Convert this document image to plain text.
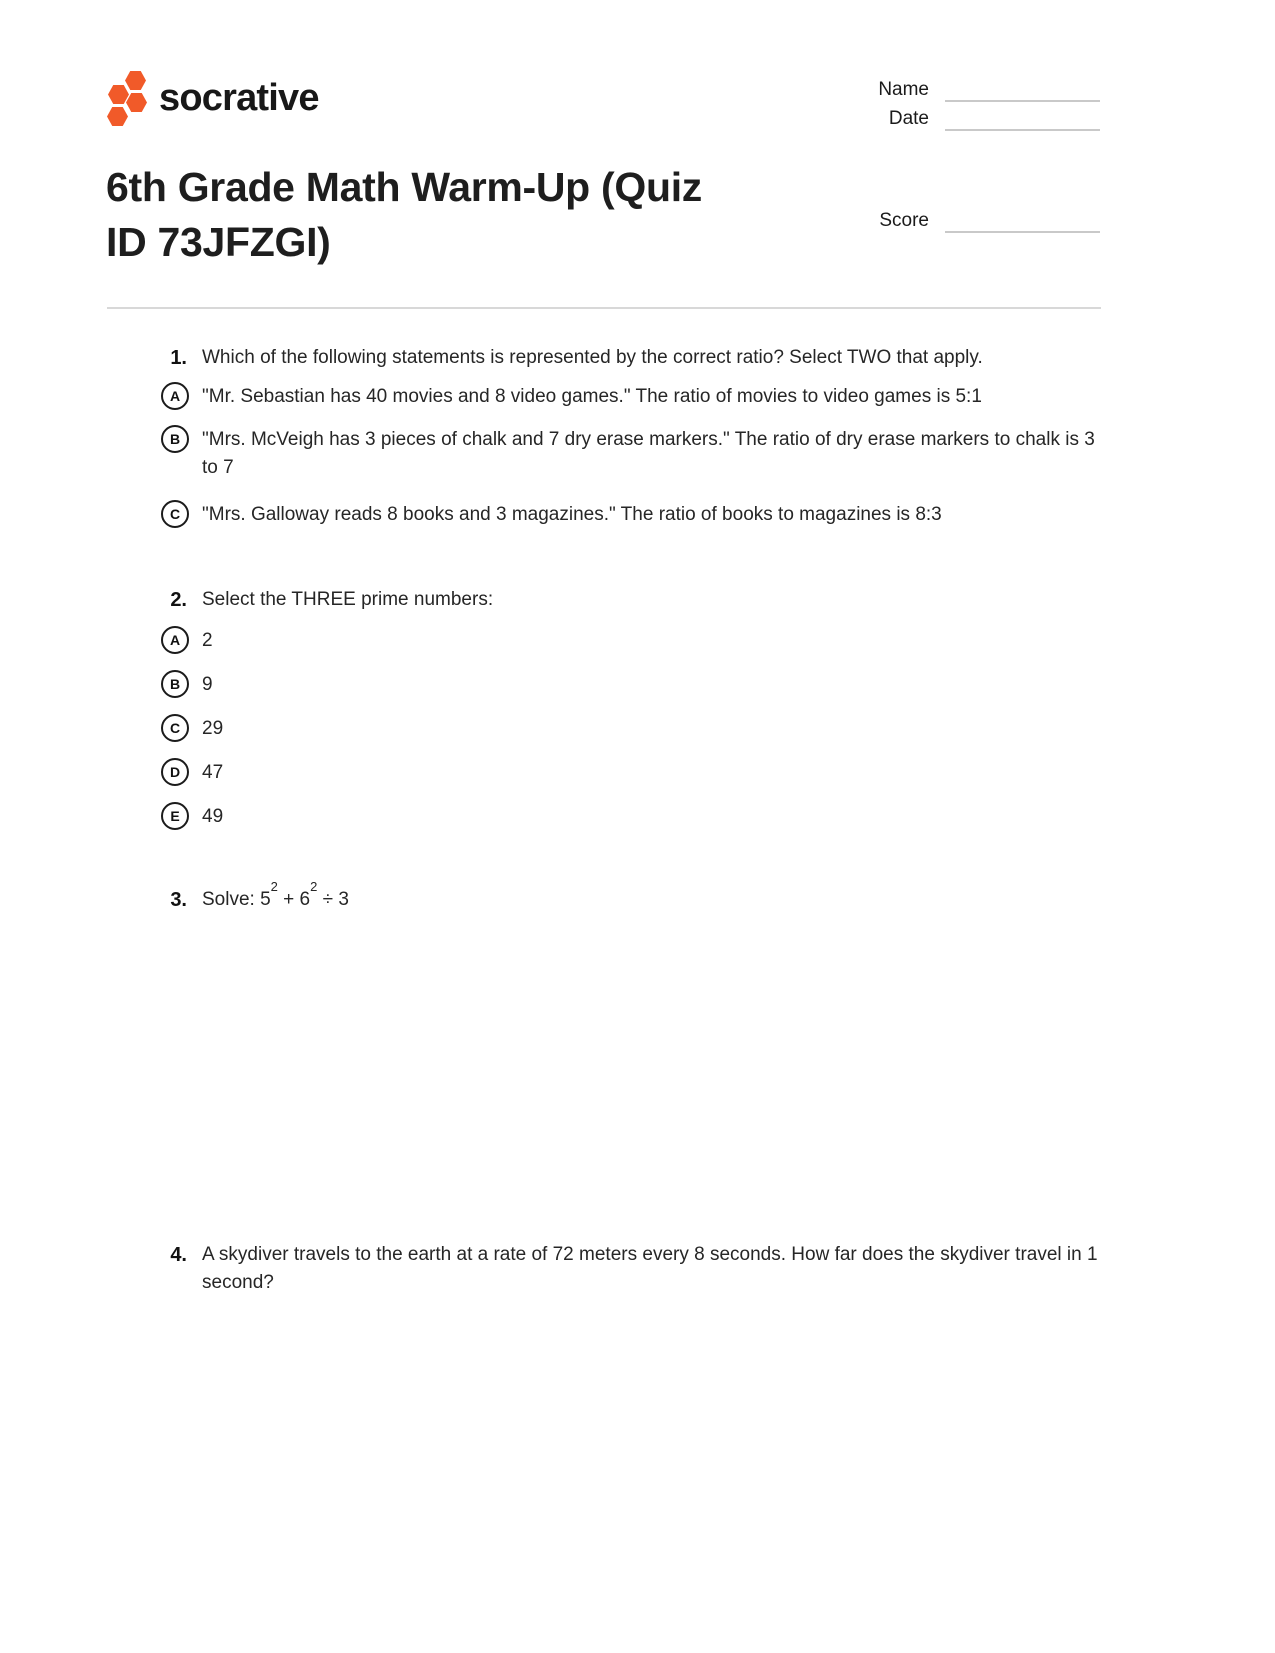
socrative	Name
Date
Score
6th Grade Math Warm-Up (Quiz ID 73JFZGI)
1. Which of the following statements is represented by the correct ratio? Select TWO that apply.
A	"Mr. Sebastian has 40 movies and 8 video games." The ratio of movies to video games is 5:1
B	"Mrs. McVeigh has 3 pieces of chalk and 7 dry erase markers." The ratio of dry erase markers to chalk is 3 to 7
C	"Mrs. Galloway reads 8 books and 3 magazines." The ratio of books to magazines is 8:3
2. Select the THREE prime numbers:
A	2
B	9
C	29
D	47
E	49
3. Solve: $5^2 + 6^2 \div 3$
4. A skydiver travels to the earth at a rate of 72 meters every 8 seconds. How far does the skydiver travel in 1 second?
